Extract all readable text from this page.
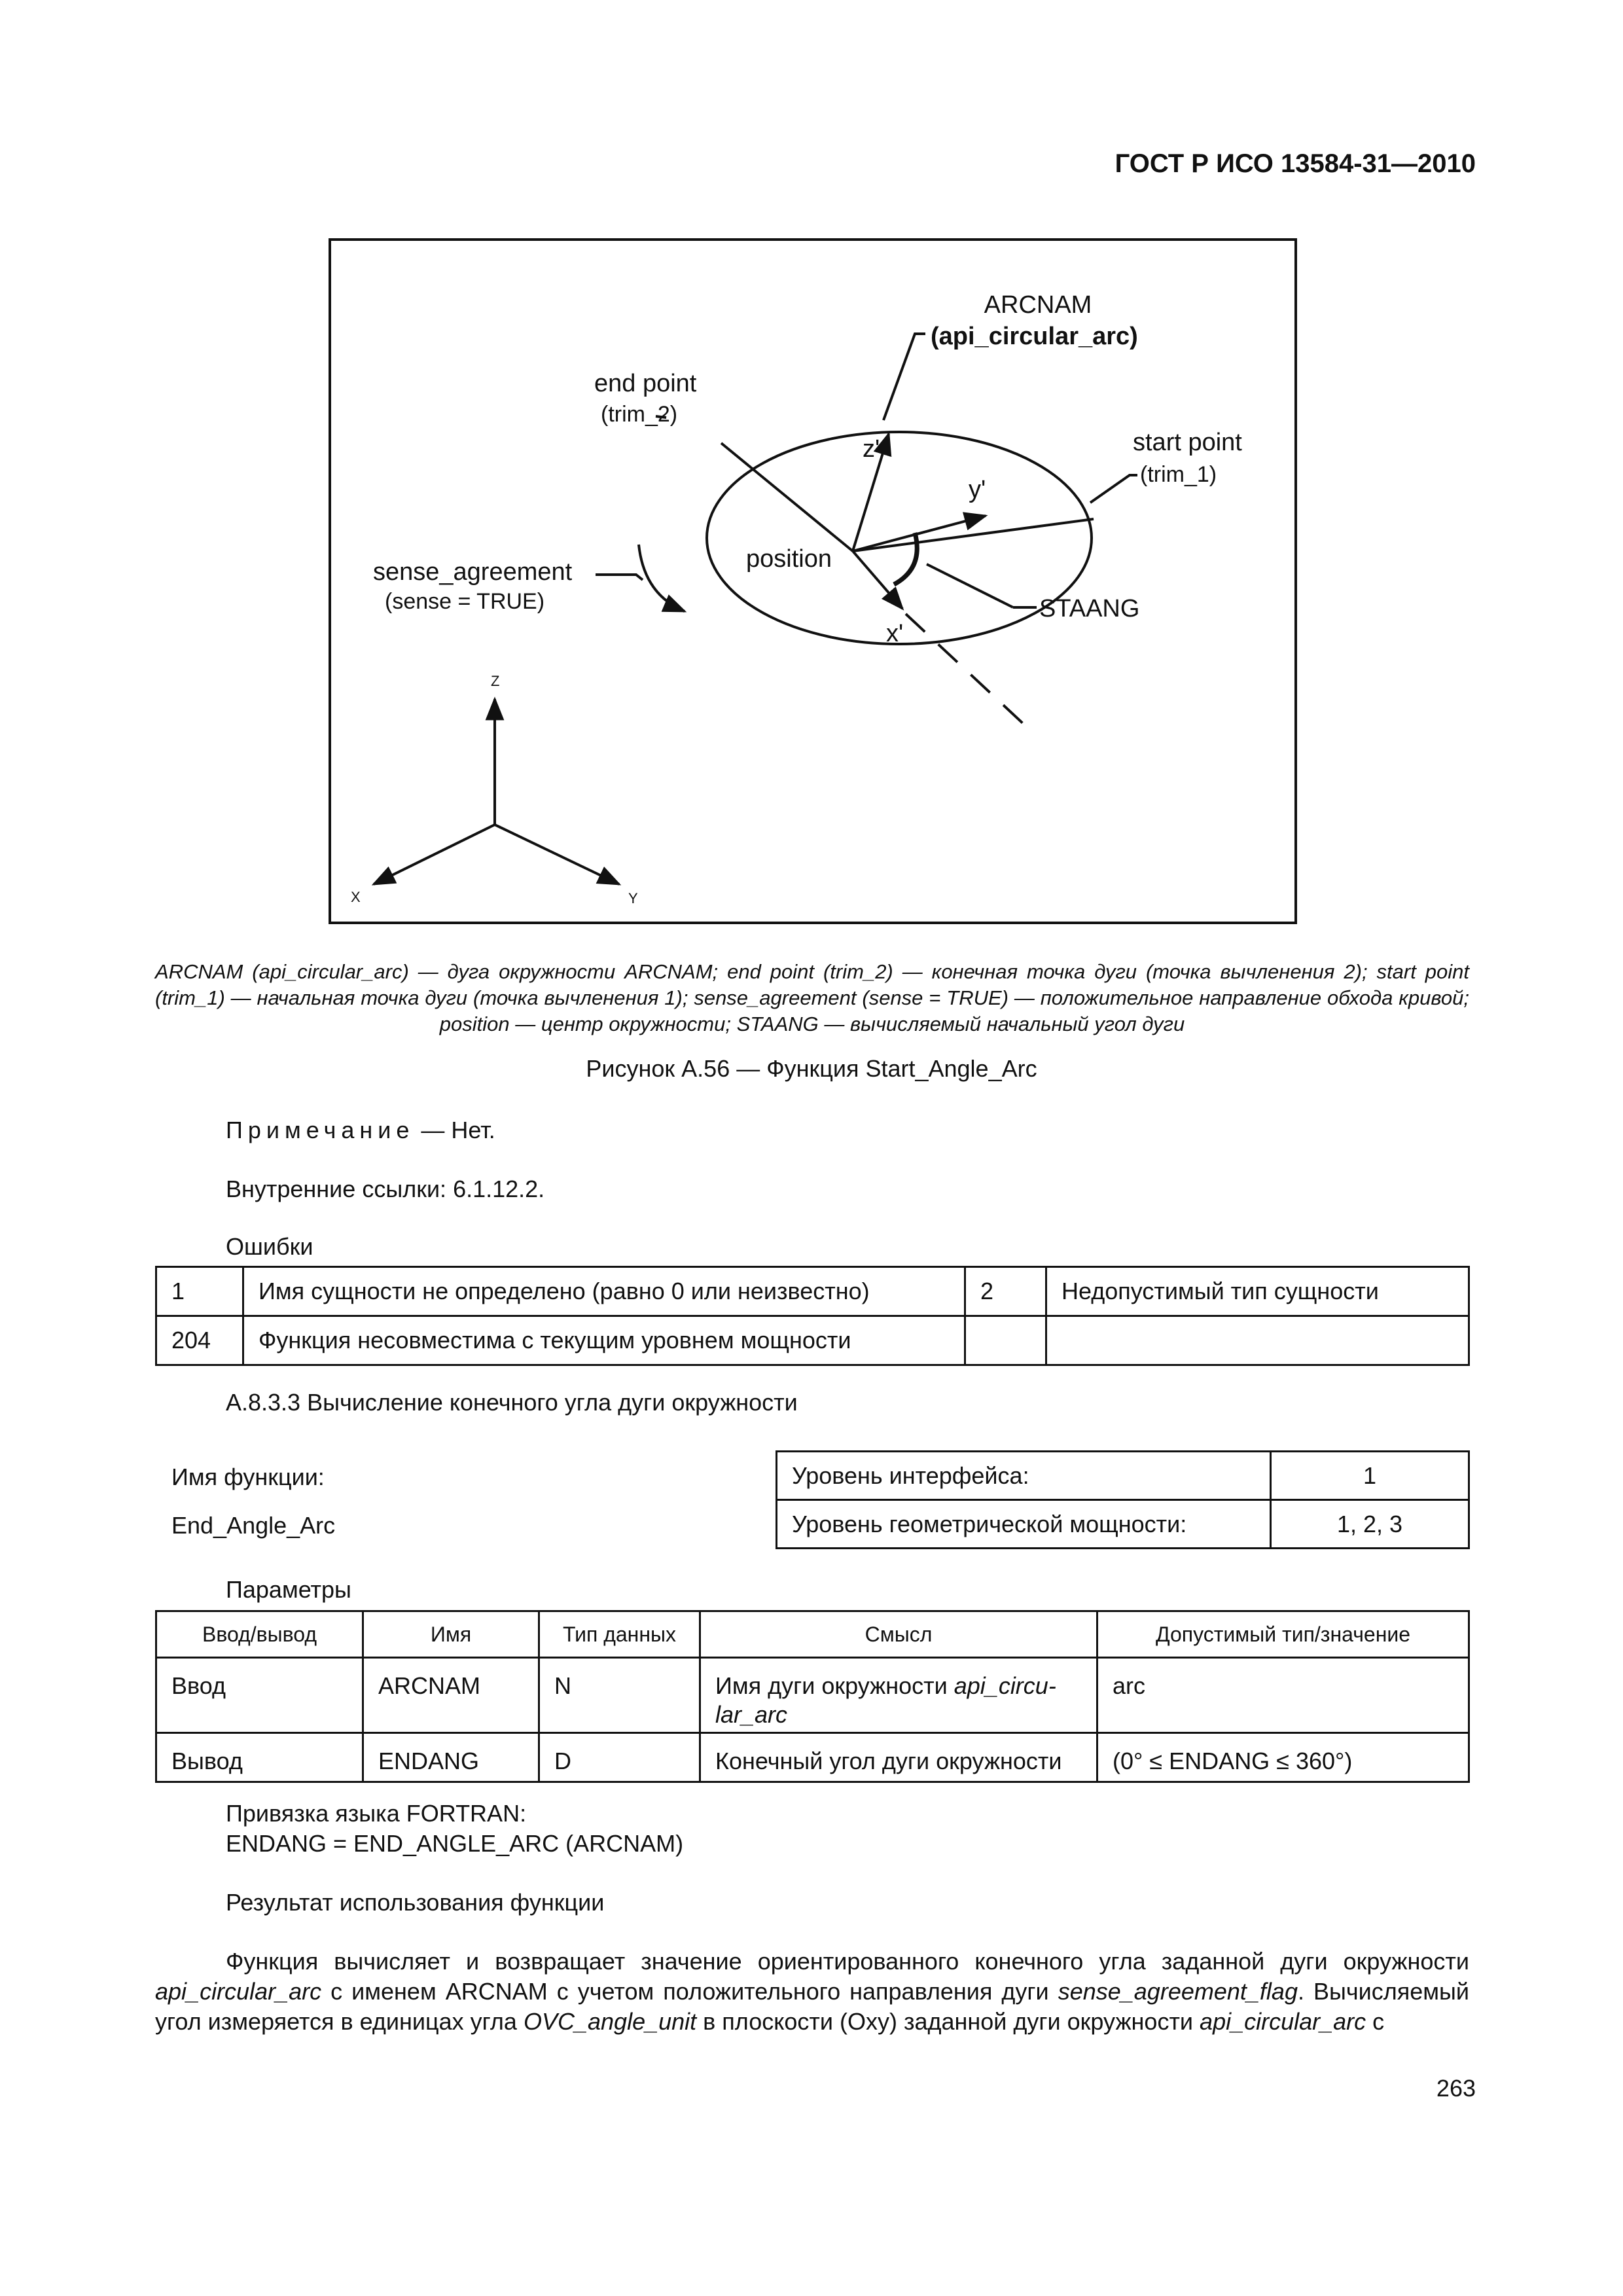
ГОСТ Р ИСО 13584-31—2010
ARCNAM
(api_circular_arc)
end point
(trim_2)
start point
(trim_1)
z'
y'
x'
position
sense_agreement
(sense = TRUE)	STAANG
Z
X	Y
ARCNAM (api_circular_arc) — дуга окружности ARCNAM; end point (trim_2) — конечная точка дуги (точка вычленения 2); start point (trim_1) — начальная точка дуги (точка вычленения 1); sense_agreement (sense = TRUE) — положительное направление обхода кривой; position — центр окружности; STAANG — вычисляемый начальный угол дуги
Рисунок А.56 — Функция Start_Angle_Arc
Примечание — Нет.
Внутренние ссылки: 6.1.12.2.
Ошибки
1	Имя сущности не определено (равно 0 или неизвестно)	2	Недопустимый тип сущности
204	Функция несовместима с текущим уровнем мощности		
А.8.3.3 Вычисление конечного угла дуги окружности
Имя функции:
End_Angle_Arc
Уровень интерфейса:	1
Уровень геометрической мощности:	1, 2, 3
Параметры
Ввод/вывод	Имя	Тип данных	Смысл	Допустимый тип/значение
Ввод	ARCNAM	N	Имя дуги окружности api_circu-lar_arc	arc
Вывод	ENDANG	D	Конечный угол дуги окружности	(0° ≤ ENDANG ≤ 360°)
Привязка языка FORTRAN:
ENDANG = END_ANGLE_ARC (ARCNAM)
Результат использования функции
Функция вычисляет и возвращает значение ориентированного конечного угла заданной дуги окружности api_circular_arc с именем ARCNAM с учетом положительного направления дуги sense_agreement_flag. Вычисляемый угол измеряется в единицах угла OVC_angle_unit в плоскости (Oxy) заданной дуги окружности api_circular_arc с
263
